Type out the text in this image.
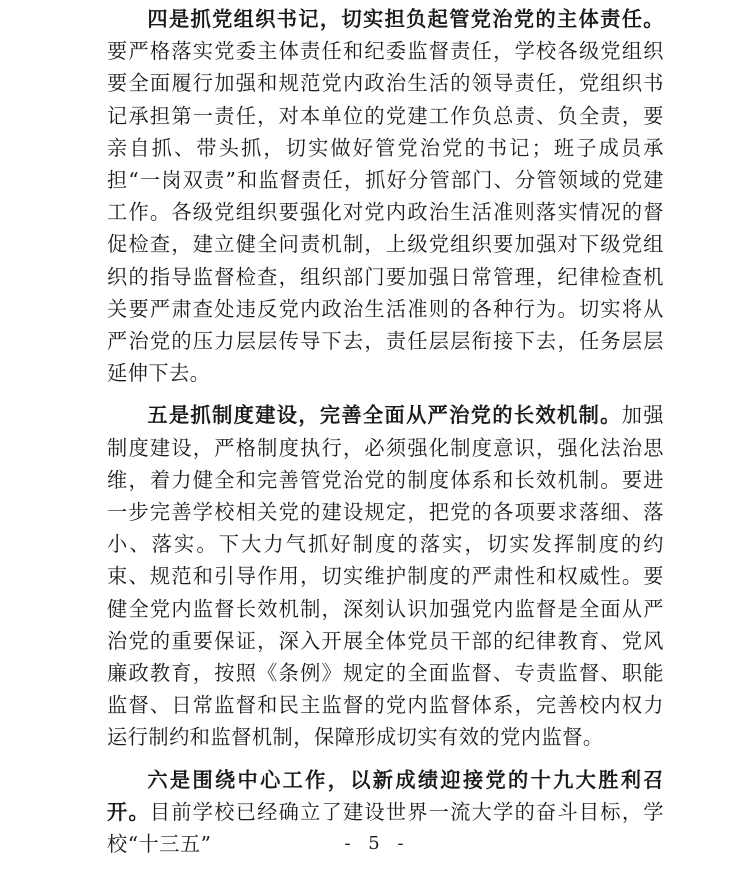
四是抓党组织书记，切实担负起管党治党的主体责任。要严格落实党委主体责任和纪委监督责任，学校各级党组织要全面履行加强和规范党内政治生活的领导责任，党组织书记承担第一责任，对本单位的党建工作负总责、负全责，要亲自抓、带头抓，切实做好管党治党的书记；班子成员承担“一岗双责”和监督责任，抓好分管部门、分管领域的党建工作。各级党组织要强化对党内政治生活准则落实情况的督促检查，建立健全问责机制，上级党组织要加强对下级党组织的指导监督检查，组织部门要加强日常管理，纪律检查机关要严肃查处违反党内政治生活准则的各种行为。切实将从严治党的压力层层传导下去，责任层层衔接下去，任务层层延伸下去。

五是抓制度建设，完善全面从严治党的长效机制。加强制度建设，严格制度执行，必须强化制度意识，强化法治思维，着力健全和完善管党治党的制度体系和长效机制。要进一步完善学校相关党的建设规定，把党的各项要求落细、落小、落实。下大力气抓好制度的落实，切实发挥制度的约束、规范和引导作用，切实维护制度的严肃性和权威性。要健全党内监督长效机制，深刻认识加强党内监督是全面从严治党的重要保证，深入开展全体党员干部的纪律教育、党风廉政教育，按照《条例》规定的全面监督、专责监督、职能监督、日常监督和民主监督的党内监督体系，完善校内权力运行制约和监督机制，保障形成切实有效的党内监督。

六是围绕中心工作，以新成绩迎接党的十九大胜利召开。目前学校已经确立了建设世界一流大学的奋斗目标，学校“十三五”	- 5 -
